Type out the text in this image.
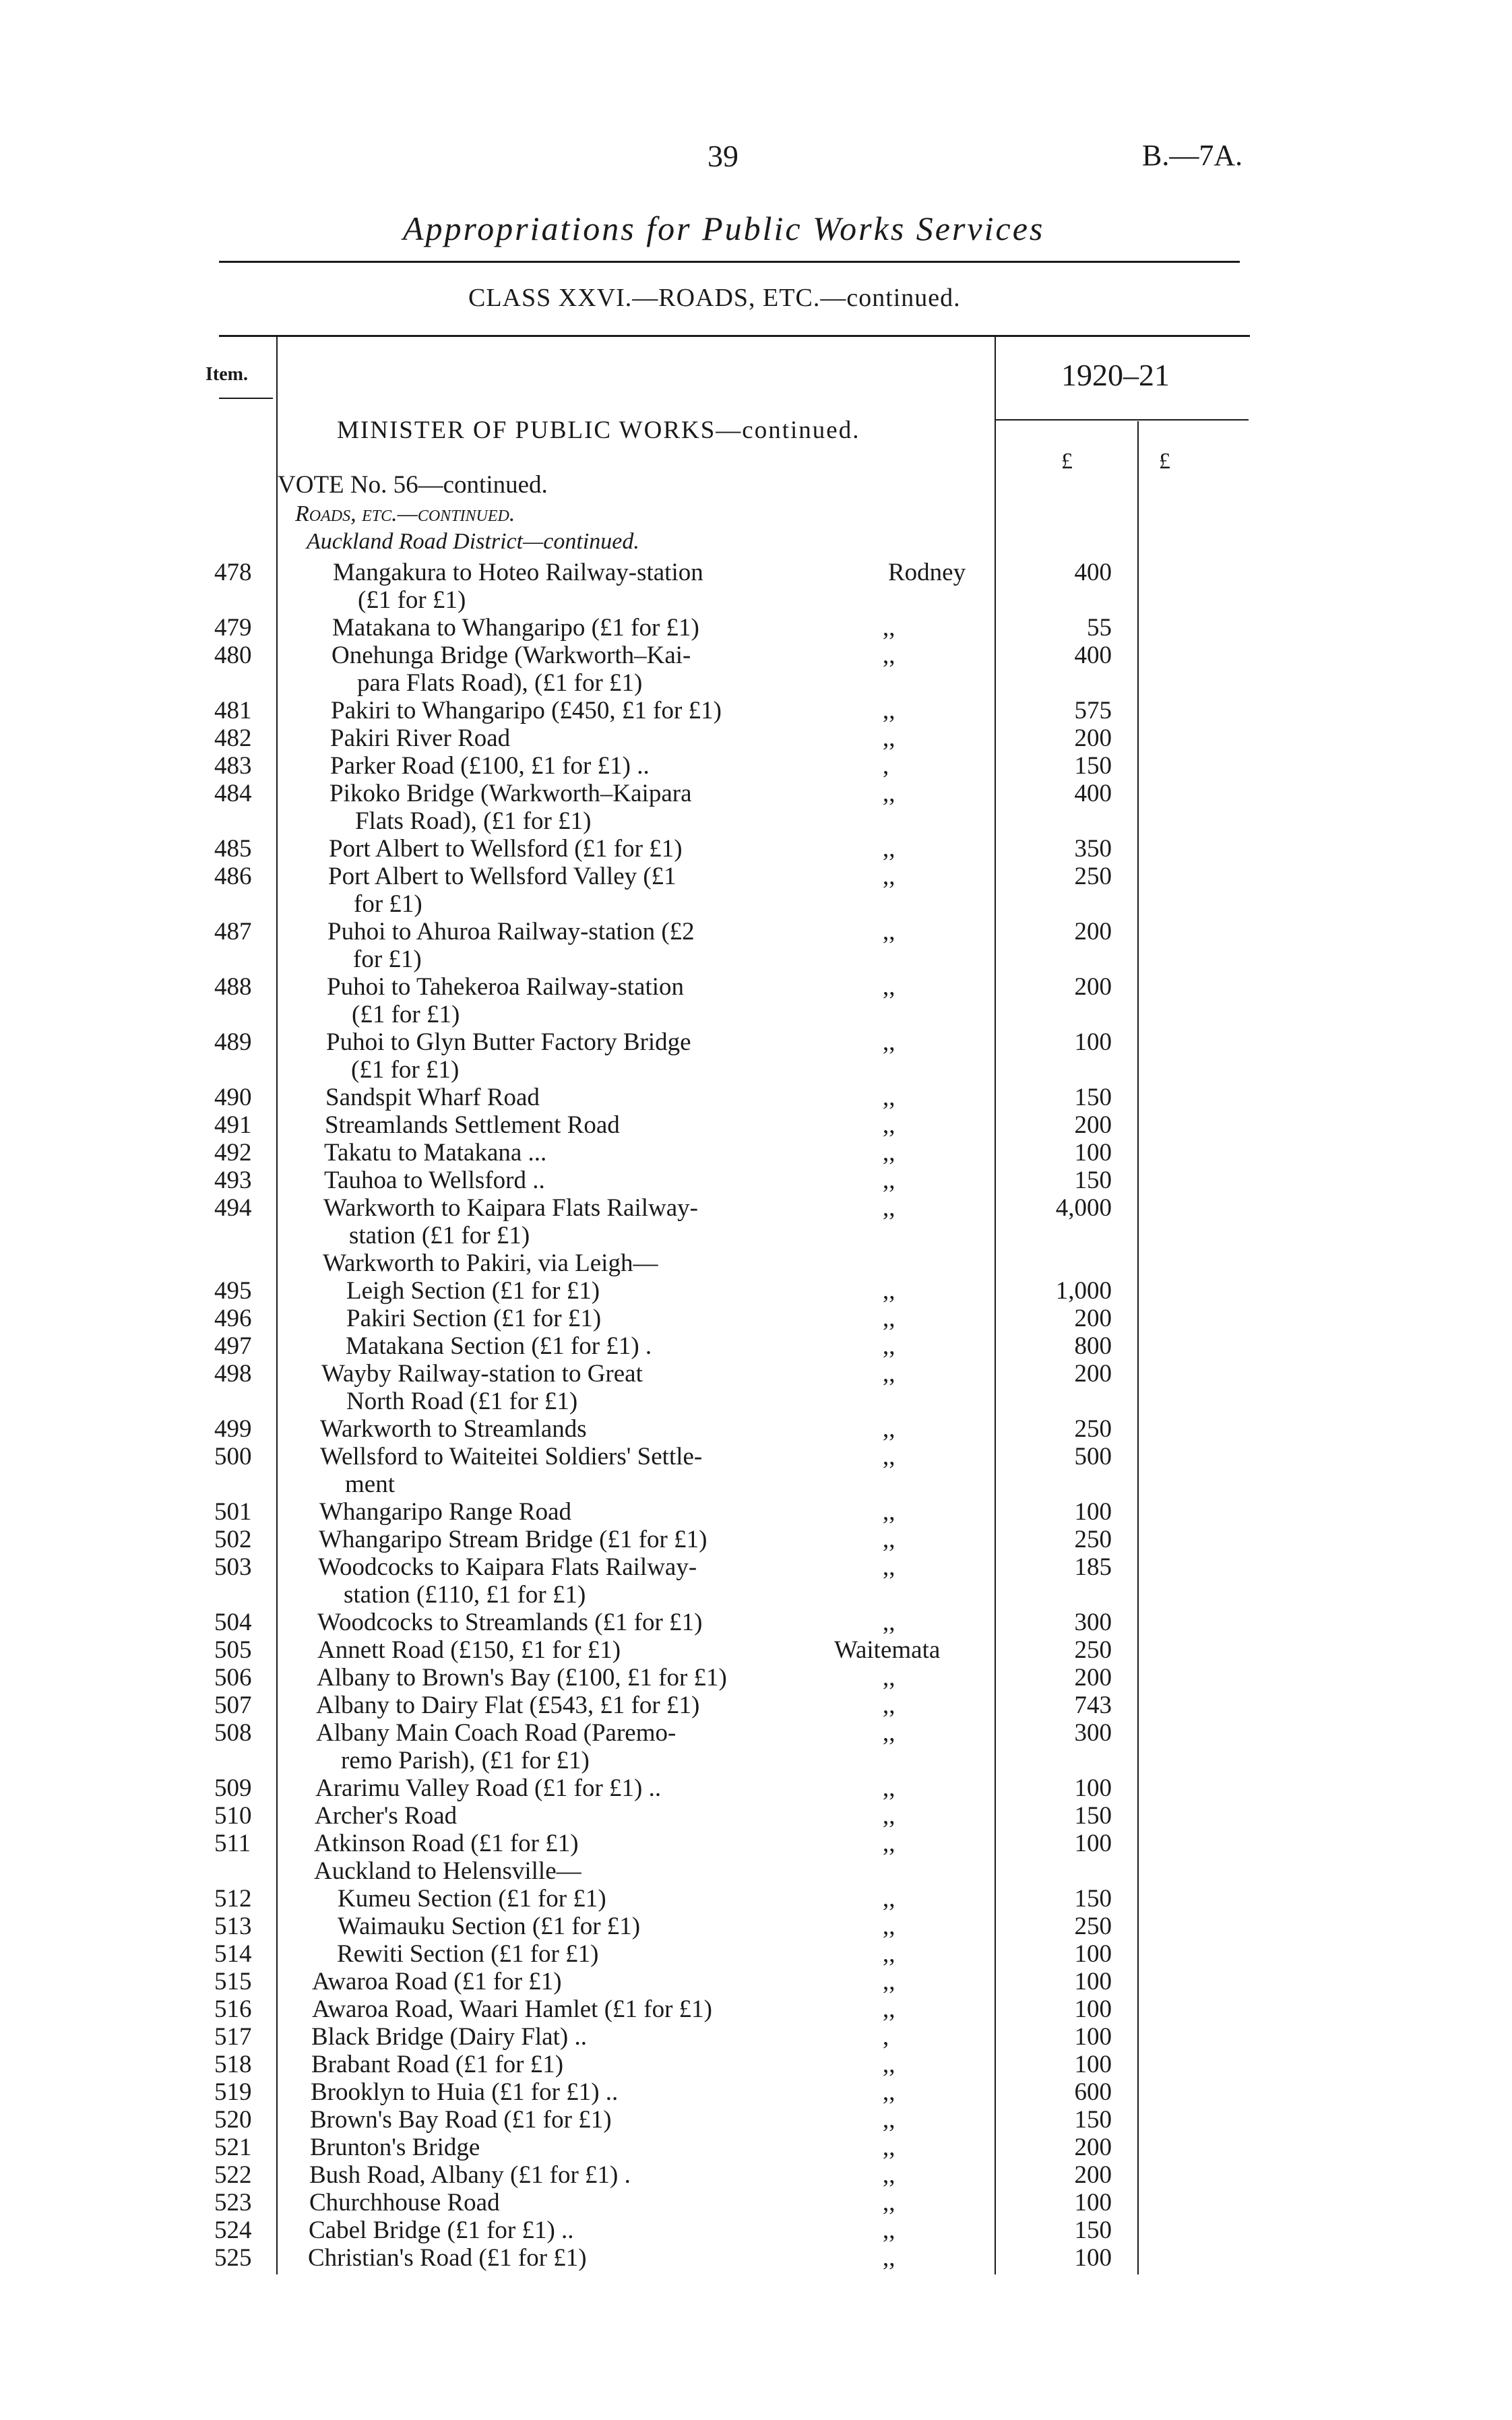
39	B.—7A.
Appropriations for Public Works Services
CLASS XXVI.—ROADS, ETC.—continued.
Item.	1920–21
£	£
MINISTER OF PUBLIC WORKS—continued.
VOTE No. 56—continued.
Roads, etc.—continued.
Auckland Road District—continued.
478	Mangakura to Hoteo Railway-station	Rodney	400
(£1 for £1)
479	Matakana to Whangaripo (£1 for £1)	,,	55
480	Onehunga Bridge (Warkworth–Kai-	,,	400
para Flats Road), (£1 for £1)
481	Pakiri to Whangaripo (£450, £1 for £1)	,,	575
482	Pakiri River Road	,,	200
483	Parker Road (£100, £1 for £1) ..	,	150
484	Pikoko Bridge (Warkworth–Kaipara	,,	400
Flats Road), (£1 for £1)
485	Port Albert to Wellsford (£1 for £1)	,,	350
486	Port Albert to Wellsford Valley (£1	,,	250
for £1)
487	Puhoi to Ahuroa Railway-station (£2	,,	200
for £1)
488	Puhoi to Tahekeroa Railway-station	,,	200
(£1 for £1)
489	Puhoi to Glyn Butter Factory Bridge	,,	100
(£1 for £1)
490	Sandspit Wharf Road	,,	150
491	Streamlands Settlement Road	,,	200
492	Takatu to Matakana ...	,,	100
493	Tauhoa to Wellsford ..	,,	150
494	Warkworth to Kaipara Flats Railway-	,,	4,000
station (£1 for £1)
Warkworth to Pakiri, via Leigh—
495	Leigh Section (£1 for £1)	,,	1,000
496	Pakiri Section (£1 for £1)	,,	200
497	Matakana Section (£1 for £1) .	,,	800
498	Wayby Railway-station to Great	,,	200
North Road (£1 for £1)
499	Warkworth to Streamlands	,,	250
500	Wellsford to Waiteitei Soldiers' Settle-	,,	500
ment
501	Whangaripo Range Road	,,	100
502	Whangaripo Stream Bridge (£1 for £1)	,,	250
503	Woodcocks to Kaipara Flats Railway-	,,	185
station (£110, £1 for £1)
504	Woodcocks to Streamlands (£1 for £1)	,,	300
505	Annett Road (£150, £1 for £1)	Waitemata	250
506	Albany to Brown's Bay (£100, £1 for £1)	,,	200
507	Albany to Dairy Flat (£543, £1 for £1)	,,	743
508	Albany Main Coach Road (Paremo-	,,	300
remo Parish), (£1 for £1)
509	Ararimu Valley Road (£1 for £1) ..	,,	100
510	Archer's Road	,,	150
511	Atkinson Road (£1 for £1)	,,	100
Auckland to Helensville—
512	Kumeu Section (£1 for £1)	,,	150
513	Waimauku Section (£1 for £1)	,,	250
514	Rewiti Section (£1 for £1)	,,	100
515 Awaroa Road (£1 for £1)	,,	100
516 Awaroa Road, Waari Hamlet (£1 for £1)	,,	100
517 Black Bridge (Dairy Flat) ..	,	100
518 Brabant Road (£1 for £1)	,,	100
519 Brooklyn to Huia (£1 for £1) ..	,,	600
520 Brown's Bay Road (£1 for £1)	,,	150
521 Brunton's Bridge	,,	200
522 Bush Road, Albany (£1 for £1) .	,,	200
523 Churchhouse Road	,,	100
524 Cabel Bridge (£1 for £1) ..	,,	150
525 Christian's Road (£1 for £1)	,,	100
